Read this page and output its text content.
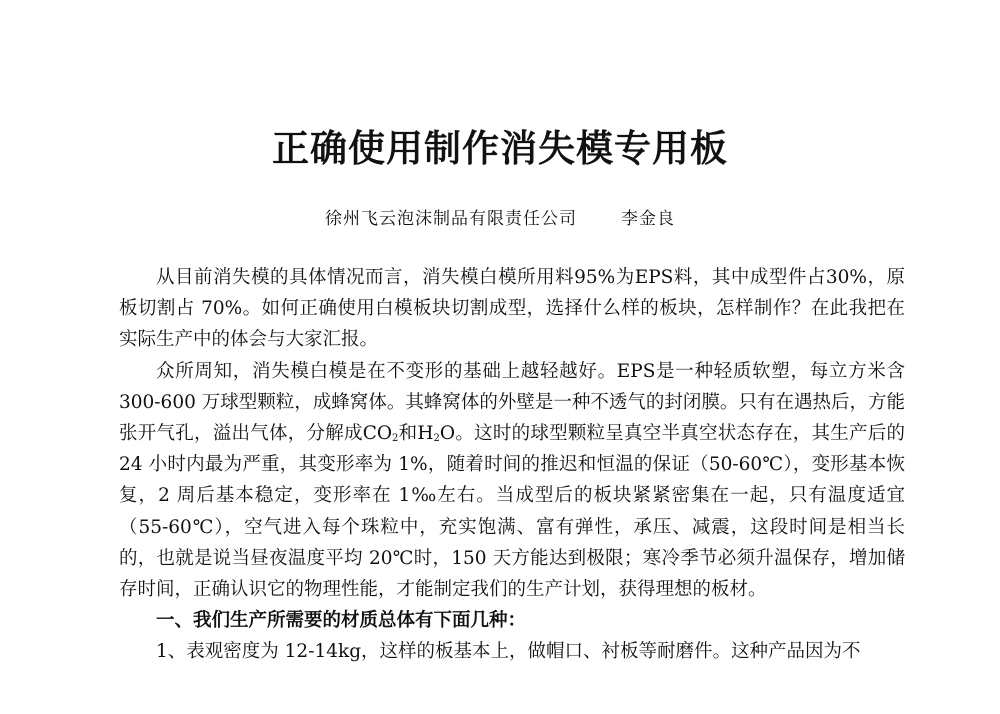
正确使用制作消失模专用板
徐州飞云泡沫制品有限责任公司	李金良

从目前消失模的具体情况而言，消失模白模所用料95%为EPS料，其中成型件占30%，原板切割占 70%。如何正确使用白模板块切割成型，选择什么样的板块，怎样制作？在此我把在实际生产中的体会与大家汇报。

众所周知，消失模白模是在不变形的基础上越轻越好。EPS是一种轻质软塑，每立方米含 300-600 万球型颗粒，成蜂窝体。其蜂窝体的外壁是一种不透气的封闭膜。只有在遇热后，方能张开气孔，溢出气体，分解成$CO_2$和$H_2O$。这时的球型颗粒呈真空半真空状态存在，其生产后的 24 小时内最为严重，其变形率为 1%，随着时间的推迟和恒温的保证（50-60℃），变形基本恢复，2 周后基本稳定，变形率在 1‰左右。当成型后的板块紧紧密集在一起，只有温度适宜（55-60℃），空气进入每个珠粒中，充实饱满、富有弹性，承压、减震，这段时间是相当长的，也就是说当昼夜温度平均 20℃时，150 天方能达到极限；寒冷季节必须升温保存，增加储存时间，正确认识它的物理性能，才能制定我们的生产计划，获得理想的板材。

一、我们生产所需要的材质总体有下面几种：

1、表观密度为 12-14kg，这样的板基本上，做帽口、衬板等耐磨件。这种产品因为不
